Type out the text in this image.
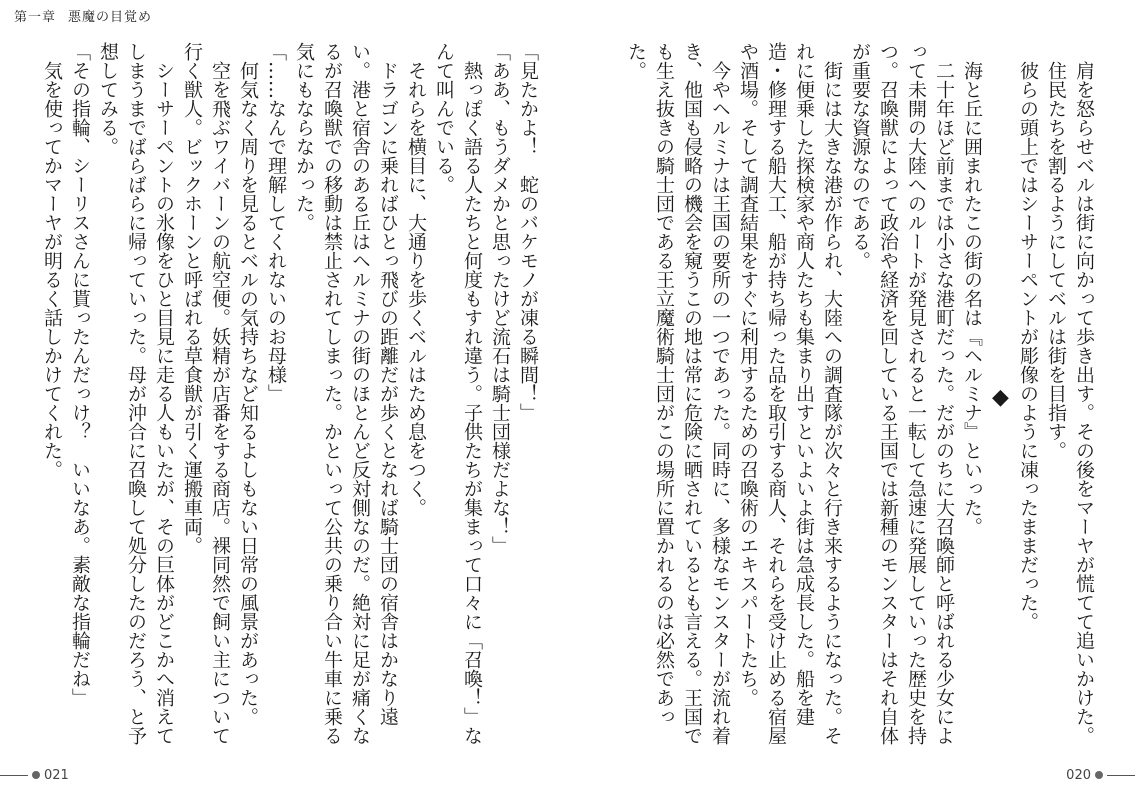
第一章 悪魔の目覚め

肩を怒らせベルは街に向かって歩き出す。その後をマーヤが慌てて追いかけた。

住民たちを割るようにしてベルは街を目指す。

彼らの頭上ではシーサーペントが彫像のように凍ったままだった。

◆

海と丘に囲まれたこの街の名は『ヘルミナ』といった。

二十年ほど前までは小さな港町だった。だがのちに大召喚師と呼ばれる少女によって未開の大陸へのルートが発見されると一転して急速に発展していった歴史を持つ。召喚獣によって政治や経済を回している王国では新種のモンスターはそれ自体が重要な資源なのである。

街には大きな港が作られ、大陸への調査隊が次々と行き来するようになった。それに便乗した探検家や商人たちも集まり出すといよいよ街は急成長した。船を建造・修理する船大工、船が持ち帰った品を取引する商人、それらを受け止める宿屋や酒場。そして調査結果をすぐに利用するための召喚術のエキスパートたち。

今やヘルミナは王国の要所の一つであった。同時に、多様なモンスターが流れ着き、他国も侵略の機会を窺うこの地は常に危険に晒されているとも言える。王国でも生え抜きの騎士団である王立魔術騎士団がこの場所に置かれるのは必然であった。

「見たかよ！　蛇のバケモノが凍る瞬間！」

「ああ、もうダメかと思ったけど流石は騎士団様だよな！」

熱っぽく語る人たちと何度もすれ違う。子供たちが集まって口々に「召喚！」なんて叫んでいる。

それらを横目に、大通りを歩くベルはため息をつく。

ドラゴンに乗ればひとっ飛びの距離だが歩くとなれば騎士団の宿舎はかなり遠い。港と宿舎のある丘はヘルミナの街のほとんど反対側なのだ。絶対に足が痛くなるが召喚獣での移動は禁止されてしまった。かといって公共の乗り合い牛車に乗る気にもならなかった。

「……なんで理解してくれないのお母様」

何気なく周りを見るとベルの気持ちなど知るよしもない日常の風景があった。

空を飛ぶワイバーンの航空便。妖精が店番をする商店。裸同然で飼い主について行く獣人。ビックホーンと呼ばれる草食獣が引く運搬車両。

シーサーペントの氷像をひと目見に走る人もいたが、その巨体がどこかへ消えてしまうまでばらばらに帰っていった。母が沖合に召喚して処分したのだろう、と予想してみる。

「その指輪、シーリスさんに貰ったんだっけ？　いいなあ。素敵な指輪だね」

気を使ってかマーヤが明るく話しかけてくれた。

021	020
